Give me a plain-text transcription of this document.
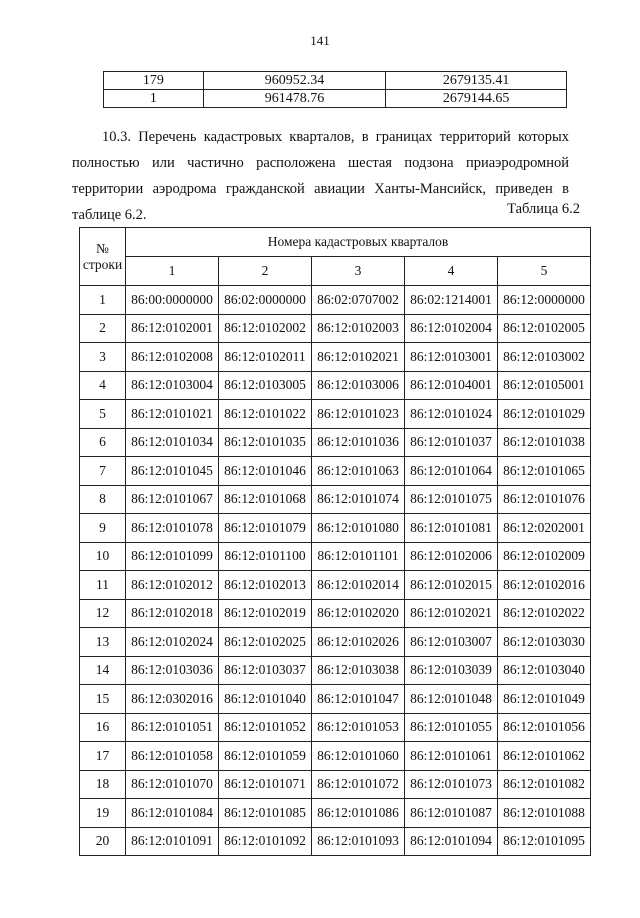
141
179	960952.34	2679135.41
1	961478.76	2679144.65

10.3. Перечень кадастровых кварталов, в границах территорий которых полностью или частично расположена шестая подзона приаэродромной территории аэродрома гражданской авиации Ханты-Мансийск, приведен в таблице 6.2.	Таблица 6.2
№
строки	Номера кадастровых кварталов				
	1	2	3	4	5
1	86:00:0000000	86:02:0000000	86:02:0707002	86:02:1214001	86:12:0000000
2	86:12:0102001	86:12:0102002	86:12:0102003	86:12:0102004	86:12:0102005
3	86:12:0102008	86:12:0102011	86:12:0102021	86:12:0103001	86:12:0103002
4	86:12:0103004	86:12:0103005	86:12:0103006	86:12:0104001	86:12:0105001
5	86:12:0101021	86:12:0101022	86:12:0101023	86:12:0101024	86:12:0101029
6	86:12:0101034	86:12:0101035	86:12:0101036	86:12:0101037	86:12:0101038
7	86:12:0101045	86:12:0101046	86:12:0101063	86:12:0101064	86:12:0101065
8	86:12:0101067	86:12:0101068	86:12:0101074	86:12:0101075	86:12:0101076
9	86:12:0101078	86:12:0101079	86:12:0101080	86:12:0101081	86:12:0202001
10	86:12:0101099	86:12:0101100	86:12:0101101	86:12:0102006	86:12:0102009
11	86:12:0102012	86:12:0102013	86:12:0102014	86:12:0102015	86:12:0102016
12	86:12:0102018	86:12:0102019	86:12:0102020	86:12:0102021	86:12:0102022
13	86:12:0102024	86:12:0102025	86:12:0102026	86:12:0103007	86:12:0103030
14	86:12:0103036	86:12:0103037	86:12:0103038	86:12:0103039	86:12:0103040
15	86:12:0302016	86:12:0101040	86:12:0101047	86:12:0101048	86:12:0101049
16	86:12:0101051	86:12:0101052	86:12:0101053	86:12:0101055	86:12:0101056
17	86:12:0101058	86:12:0101059	86:12:0101060	86:12:0101061	86:12:0101062
18	86:12:0101070	86:12:0101071	86:12:0101072	86:12:0101073	86:12:0101082
19	86:12:0101084	86:12:0101085	86:12:0101086	86:12:0101087	86:12:0101088
20	86:12:0101091	86:12:0101092	86:12:0101093	86:12:0101094	86:12:0101095
